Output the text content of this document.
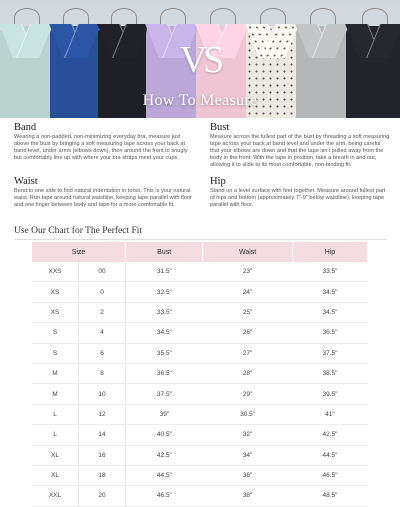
VS
How To Measure
Band

Wearing a non-padded, non-minimizing everyday bra, measure just above the bust by bringing a soft measuring tape across your back at band level, under arms (elbows down), then around the front to snugly but comfortably line up with where your bra straps meet your cups.

Bust

Measure across the fullest part of the bust by threading a soft measuring tape across your back at band level and under the arm, being careful that your elbows are down and that the tape isn't pulled away from the body in the front. With the tape in position, take a breath in and out, allowing it to slide to its most comfortable, non-binding fit.

Waist

Bend to one side to find natural indentation in torso. This is your natural waist. Run tape around natural waistline, keeping tape parallel with floor and one finger between body and tape for a more comfortable fit.

Hip

Stand on a level surface with feet together. Measure around fullest part of hips and bottom (approximately 7"-9" below waistline), keeping tape parallel with floor.

Use Our Chart for The Perfect Fit
Size		Bust	Waist	Hip
XXS	00	31.5"	23"	33.5"
XS	0	32.5"	24"	34.5"
XS	2	33.5"	25"	34.5"
S	4	34.5"	26"	36.5"
S	6	35.5"	27"	37.5"
M	8	36.5"	28"	38.5"
M	10	37.5"	29"	39.5"
L	12	39"	30.5"	41"
L	14	40.5"	32"	42.5"
XL	16	42.5"	34"	44.5"
XL	18	44.5"	36"	46.5"
XXL	20	46.5"	38"	48.5"
